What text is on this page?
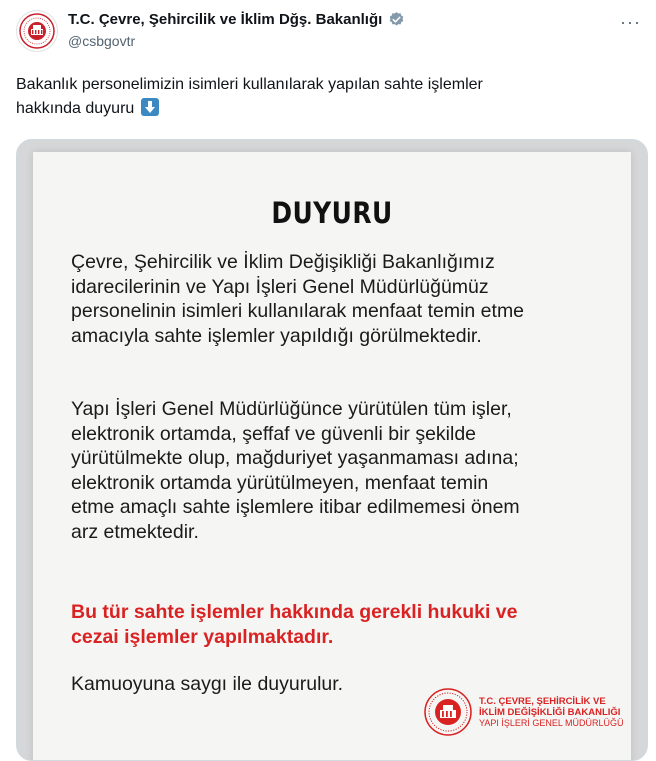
T.C. Çevre, Şehircilik ve İklim Dğş. Bakanlığı
@csbgovtr
···
Bakanlık personelimizin isimleri kullanılarak yapılan sahte işlemler
hakkında duyuru
DUYURU
Çevre, Şehircilik ve İklim Değişikliği Bakanlığımız
idarecilerinin ve Yapı İşleri Genel Müdürlüğümüz
personelinin isimleri kullanılarak menfaat temin etme
amacıyla sahte işlemler yapıldığı görülmektedir.
Yapı İşleri Genel Müdürlüğünce yürütülen tüm işler,
elektronik ortamda, şeffaf ve güvenli bir şekilde
yürütülmekte olup, mağduriyet yaşanmaması adına;
elektronik ortamda yürütülmeyen, menfaat temin
etme amaçlı sahte işlemlere itibar edilmemesi önem
arz etmektedir.
Bu tür sahte işlemler hakkında gerekli hukuki ve
cezai işlemler yapılmaktadır.
Kamuoyuna saygı ile duyurulur.
T.C. ÇEVRE, ŞEHİRCİLİK VE
İKLİM DEĞİŞİKLİĞİ BAKANLIĞI
YAPI İŞLERİ GENEL MÜDÜRLÜĞÜ
